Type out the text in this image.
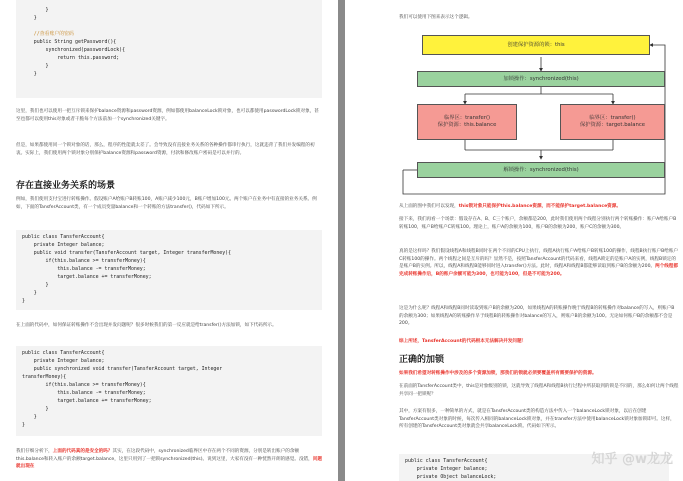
}
}

//查看账户的密码
public String getPassword(){
synchronized(passwordLock){
return this.password;
}
}
这里，我们也可以使用一把互斥锁来保护balance资源和password资源，例如都使用balanceLock锁对象，也可以都使用passwordLock锁对象，甚至也都可以使用this对象或者干脆每个方法前加一个synchronized关键字。
但是，如果都使用同一个锁对象的话，那么，程序的性能就太差了。会导致没有直接业务关系的各种操作都串行执行，这就违背了我们并发编程的初衷。实际上，我们使用两个锁对象分别保护balance资源和password资源，付款和修改账户密码是可以并行的。
存在直接业务关系的场景
例如，我们使用支付宝进行转账操作。假设账户A给账户B转账100，A账户减少100元，B账户增加100元。两个账户在业务中有直接的业务关系。例如，下面的TansferAccount类，有一个成员变量balance和一个转账的方法transfer()，代码如下所示。
public class TansferAccount{
private Integer balance;
public void transfer(TansferAccount target, Integer transferMoney){
if(this.balance >= transferMoney){
this.balance -= transferMoney;
target.balance += transferMoney;
}
}
}
在上面的代码中，如何保证转账操作不会出现并发问题呢？很多时候我们的第一反应就是给transfer()方法加锁，如下代码所示。
public class TansferAccount{
private Integer balance;
public synchronized void transfer(TansferAccount target, Integer
transferMoney){
if(this.balance >= transferMoney){
this.balance -= transferMoney;
target.balance += transferMoney;
}
}
}
我们仔细分析下，上面的代码真的是安全的吗？其实，在这段代码中，synchronized临界区中存在两个不同的资源，分别是转出账户的余额this.balance和转入账户的余额target.balance，这里只用到了一把锁synchronized(this)。说到这里，大家有没有一种恍然开朗的感觉。没错，问题就出现在
我们可以使用下图来表示这个逻辑。
创建保护资源的锁：this
加锁操作：synchronized(this)
临界区：transfer()
保护资源：this.balance
临界区：transfer()
保护资源：target.balance
解锁操作：synchronized(this)
从上面的图中我们可以发现，this锁对象只能保护this.balance资源，而不能保护target.balance资源。
接下来，我们再看一个场景：假设存在A、B、C三个账户，余额都是200，此时我们使用两个线程分别执行两个转账操作：账户A给账户B转账100，账户B给账户C转账100。理论上，账户A的余额为100，账户B的余额为200，账户C的余额为300。
真的是这样吗？我们假设线程A和线程B同时在两个不同的CPU上执行，线程A执行账户A给账户B转账100的操作，线程B执行账户B给账户C转账100的操作。两个线程之间是互斥的吗？显然不是，按照TansferAccount的代码来看，线程A锁定的是账户A的实例，线程B锁定的是账户B的实例。所以，线程A和线程B能够同时进入transfer()方法。此时，线程A和线程B都能够读取到账户B的余额为200。两个线程都完成转账操作后，B的账户余额可能为300，也可能为100，但是不可能为200。
这是为什么呢？线程A和线程B同时读取到账户B的余额为200，如果线程A的转账操作晚于线程B的转账操作对balance的写入，则账户B的余额为300；如果线程A的转账操作早于线程B的转账操作对balance的写入，则账户B的余额为100。无论如何账户B的余额都不会是200。
综上所述，TansferAccount的代码根本无法解决并发问题！
正确的加锁
如果我们希望对转账操作中涉及的多个资源加锁，那我们的锁就必须要覆盖所有需要保护的资源。
在前面的TansferAccount类中，this是对象级别的锁，这就导致了线程A和线程B执行过程中所获取到的锁是不同的，那么如何让两个线程共享同一把锁呢？
其中，方案有很多，一种简单的方式，就是在TansferAccount类的构造方法中传入一个balanceLock锁对象，以后在创建TansferAccount类对象的时候，每次传入相同的balanceLock锁对象，并在transfer方法中使用balanceLock锁对象加锁即可。这样，所有创建的TansferAccount类对象就会共享balanceLock锁。代码如下所示。
public class TansferAccount{
private Integer balance;
private Object balanceLock;
知乎 @w龙龙
